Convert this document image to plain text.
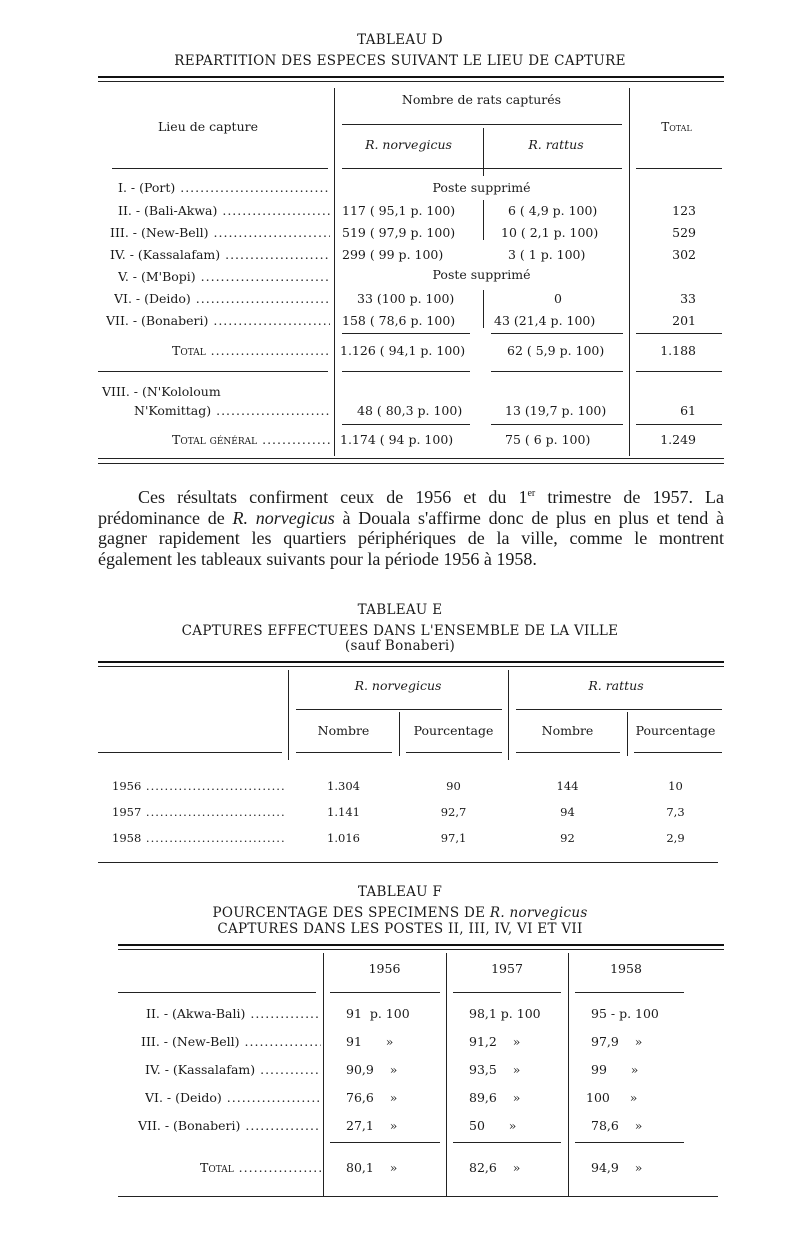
TABLEAU D
REPARTITION DES ESPECES SUIVANT LE LIEU DE CAPTURE
Nombre de rats capturés
Lieu de capture	Total
R. norvegicus	R. rattus
I. - (Port) .....	Poste supprimé
II. - (Bali-Akwa) .....	117 ( 95,1 p. 100)	6 ( 4,9 p. 100)	123
III. - (New-Bell) .....	519 ( 97,9 p. 100)	10 ( 2,1 p. 100)	529
IV. - (Kassalafam) .....	299 ( 99 p. 100)	3 ( 1 p. 100)	302
V. - (M'Bopi) .....	Poste supprimé
VI. - (Deido) .....	33 (100 p. 100)	0	33
VII. - (Bonaberi) .....	158 ( 78,6 p. 100)	43 (21,4 p. 100)	201
Total .....	1.126 ( 94,1 p. 100)	62 ( 5,9 p. 100)	1.188
VIII. - (N'Kololoum
N'Komittag) .....	48 ( 80,3 p. 100)	13 (19,7 p. 100)	61
Total général .....	1.174 ( 94 p. 100)	75 ( 6 p. 100)	1.249

Ces résultats confirment ceux de 1956 et du 1er trimestre de 1957. La prédominance de R. norvegicus à Douala s'affirme donc de plus en plus et tend à gagner rapidement les quartiers périphériques de la ville, comme le montrent également les tableaux suivants pour la période 1956 à 1958.

TABLEAU E
CAPTURES EFFECTUEES DANS L'ENSEMBLE DE LA VILLE
(sauf Bonaberi)
R. norvegicus	R. rattus
Nombre	Pourcentage	Nombre	Pourcentage
1956 .....	1.304	90	144	10
1957 .....	1.141	92,7	94	7,3
1958 .....	1.016	97,1	92	2,9
TABLEAU F
POURCENTAGE DES SPECIMENS DE R. norvegicus
CAPTURES DANS LES POSTES II, III, IV, VI ET VII
1956	1957	1958
II. - (Akwa-Bali) .....	91  p. 100	98,1 p. 100	95 - p. 100
III. - (New-Bell) .....	91      »	91,2    »	97,9    »
IV. - (Kassalafam) .....	90,9    »	93,5    »	99      »
VI. - (Deido) .....	76,6    »	89,6    »	100     »
VII. - (Bonaberi) .....	27,1    »	50      »	78,6    »
Total .....	80,1    »	82,6    »	94,9    »
